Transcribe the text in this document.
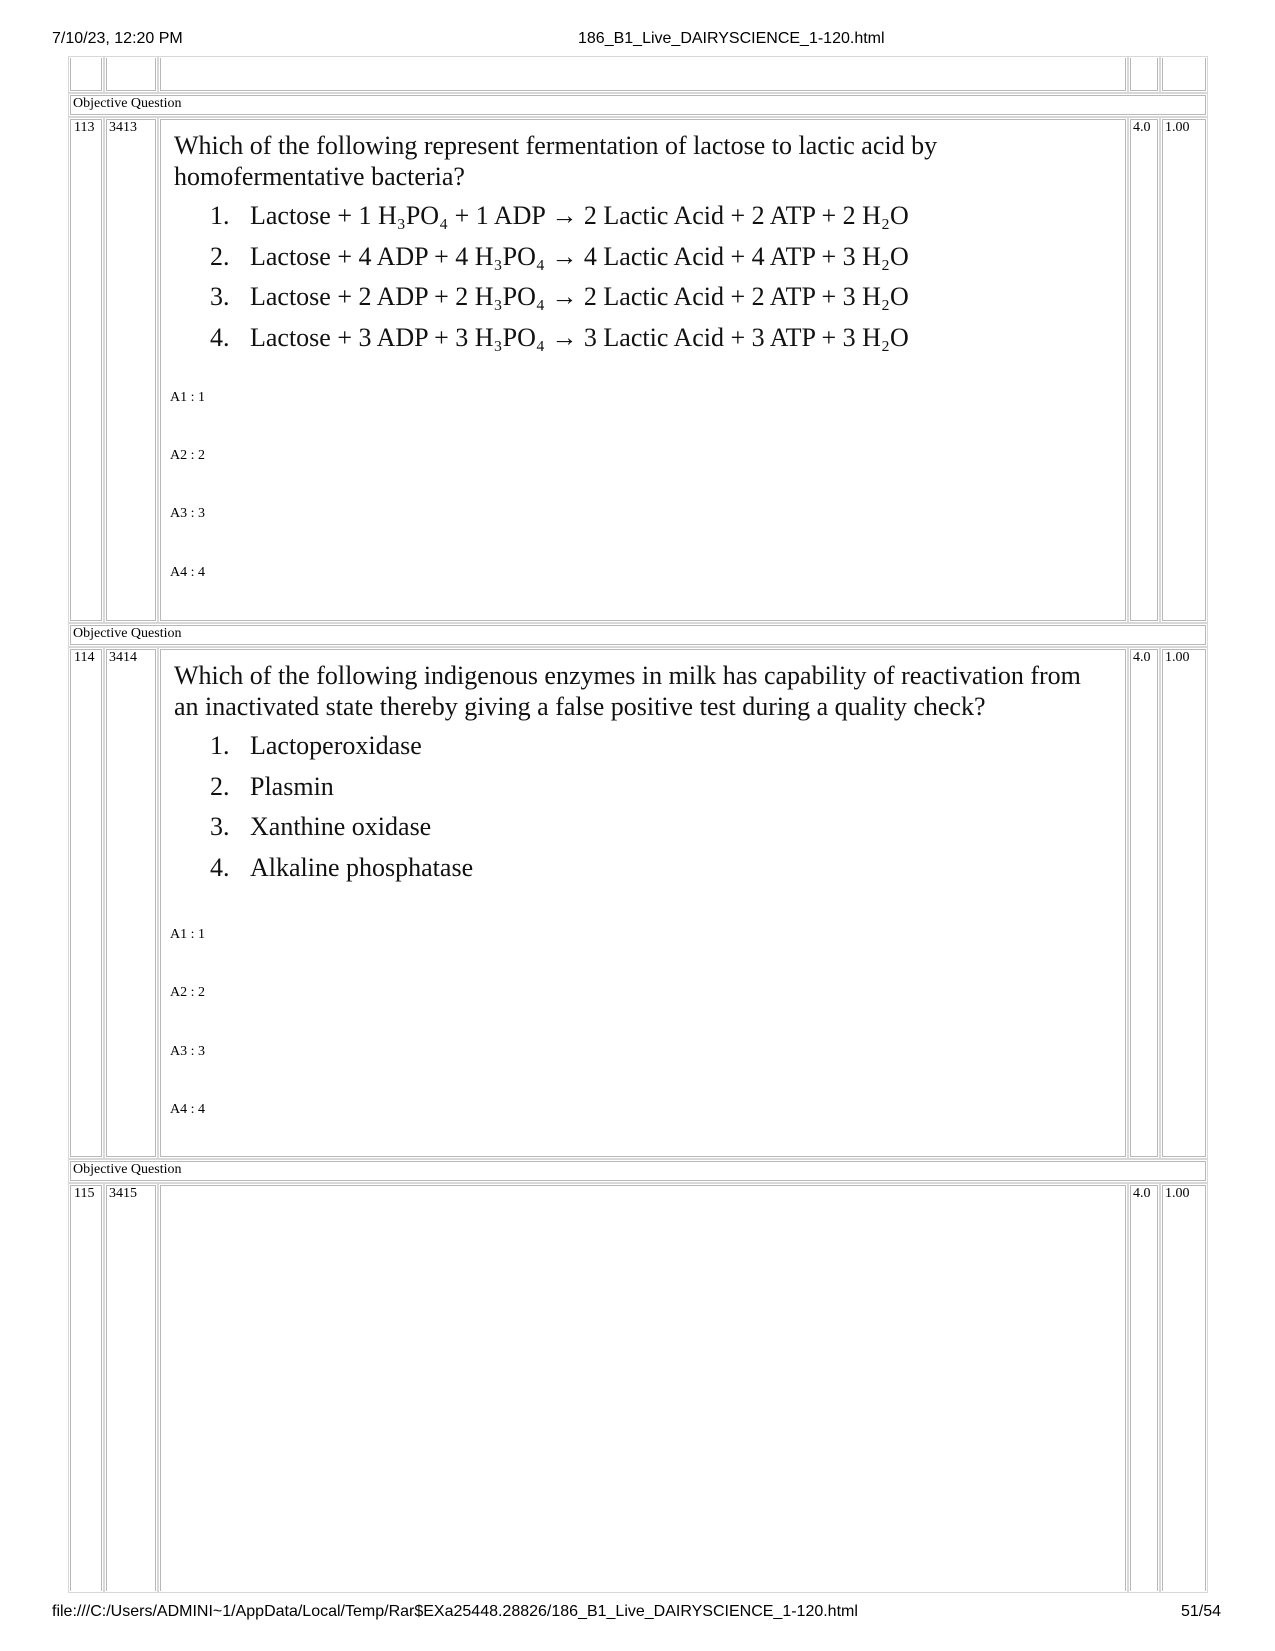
7/10/23, 12:20 PM	186_B1_Live_DAIRYSCIENCE_1-120.html
Objective Question
113 3413	4.0 1.00
Which of the following represent fermentation of lactose to lactic acid by
homofermentative bacteria?
1. Lactose + 1 H₃PO₄ + 1 ADP → 2 Lactic Acid + 2 ATP + 2 H₂O
2. Lactose + 4 ADP + 4 H₃PO₄ → 4 Lactic Acid + 4 ATP + 3 H₂O
3. Lactose + 2 ADP + 2 H₃PO₄ → 2 Lactic Acid + 2 ATP + 3 H₂O
4. Lactose + 3 ADP + 3 H₃PO₄ → 3 Lactic Acid + 3 ATP + 3 H₂O
A1 : 1
A2 : 2
A3 : 3
A4 : 4
Objective Question
114 3414	4.0 1.00
Which of the following indigenous enzymes in milk has capability of reactivation from
an inactivated state thereby giving a false positive test during a quality check?
1. Lactoperoxidase
2. Plasmin
3. Xanthine oxidase
4. Alkaline phosphatase
A1 : 1
A2 : 2
A3 : 3
A4 : 4
Objective Question
115 3415	4.0 1.00
file:///C:/Users/ADMINI~1/AppData/Local/Temp/Rar$EXa25448.28826/186_B1_Live_DAIRYSCIENCE_1-120.html	51/54
